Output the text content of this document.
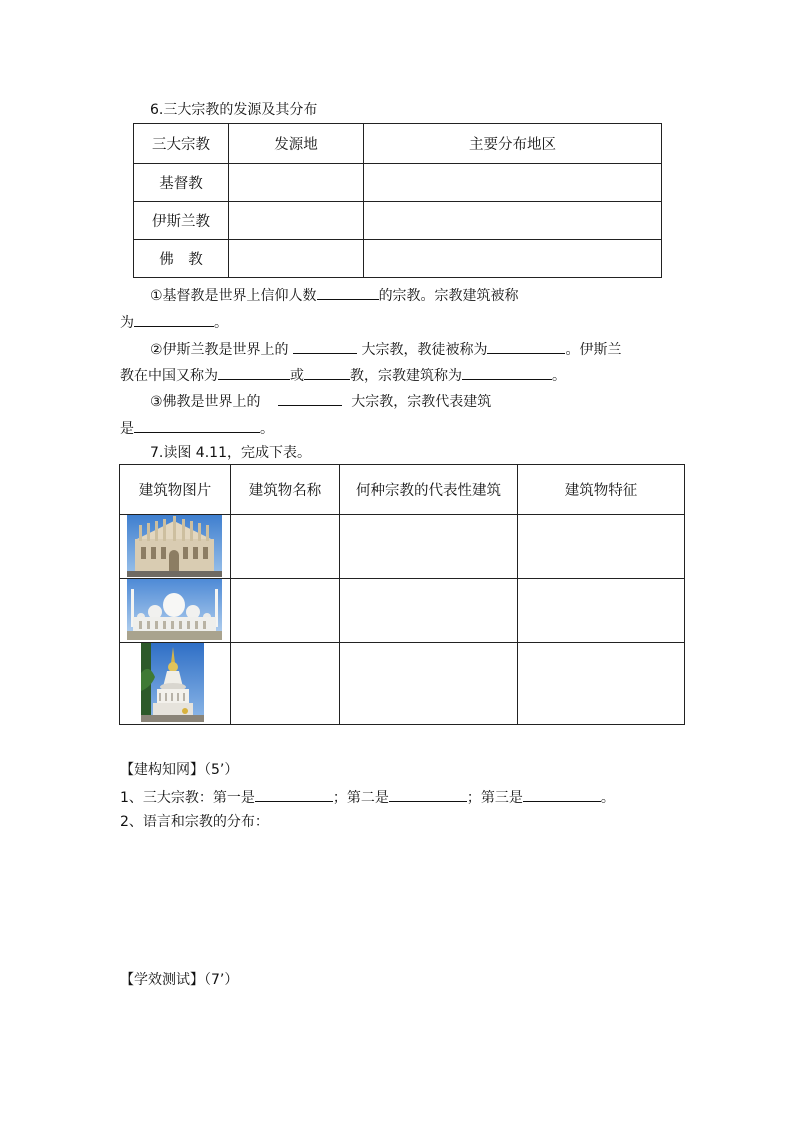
6.三大宗教的发源及其分布
三大宗教	发源地	主要分布地区
基督教		
伊斯兰教		
佛　教		
①基督教是世界上信仰人数	的宗教。宗教建筑被称
为	。
②伊斯兰教是世界上的	大宗教，教徒被称为	。伊斯兰
教在中国又称为	或	教，宗教建筑称为	。
③佛教是世界上的	大宗教，宗教代表建筑
是	。
7.读图 4.11，完成下表。
建筑物图片	建筑物名称	何种宗教的代表性建筑	建筑物特征

【建构知网】（5’）
1、三大宗教：第一是	；第二是	；第三是	。
2、语言和宗教的分布：
【学效测试】（7’）
